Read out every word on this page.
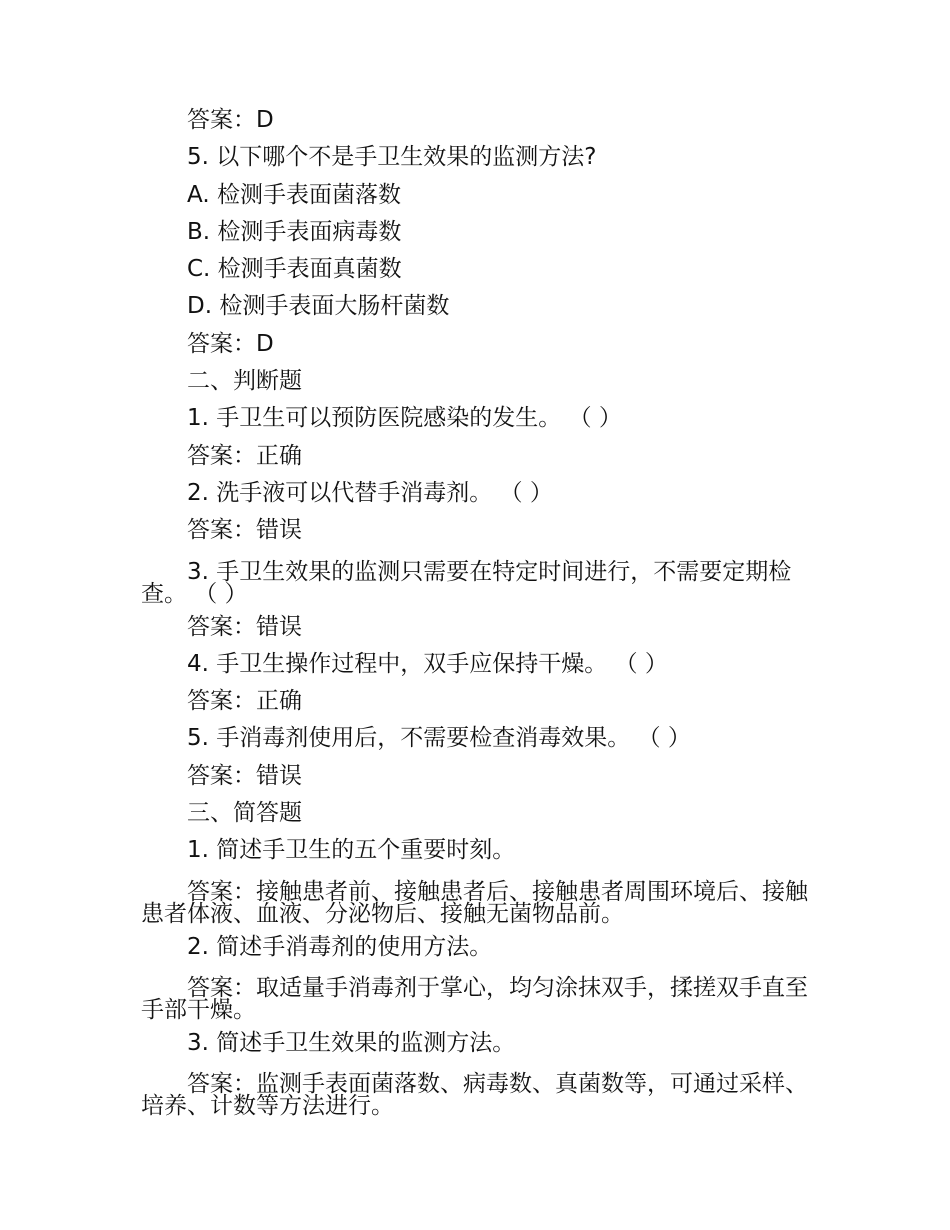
答案：D
5. 以下哪个不是手卫生效果的监测方法?
A. 检测手表面菌落数
B. 检测手表面病毒数
C. 检测手表面真菌数
D. 检测手表面大肠杆菌数
答案：D
二、判断题
1. 手卫生可以预防医院感染的发生。 （ ）
答案：正确
2. 洗手液可以代替手消毒剂。 （ ）
答案：错误
3. 手卫生效果的监测只需要在特定时间进行，不需要定期检查。 （ ）
答案：错误
4. 手卫生操作过程中，双手应保持干燥。 （ ）
答案：正确
5. 手消毒剂使用后，不需要检查消毒效果。 （ ）
答案：错误
三、简答题
1. 简述手卫生的五个重要时刻。
答案：接触患者前、接触患者后、接触患者周围环境后、接触患者体液、血液、分泌物后、接触无菌物品前。
2. 简述手消毒剂的使用方法。
答案：取适量手消毒剂于掌心，均匀涂抹双手，揉搓双手直至手部干燥。
3. 简述手卫生效果的监测方法。
答案：监测手表面菌落数、病毒数、真菌数等，可通过采样、培养、计数等方法进行。
